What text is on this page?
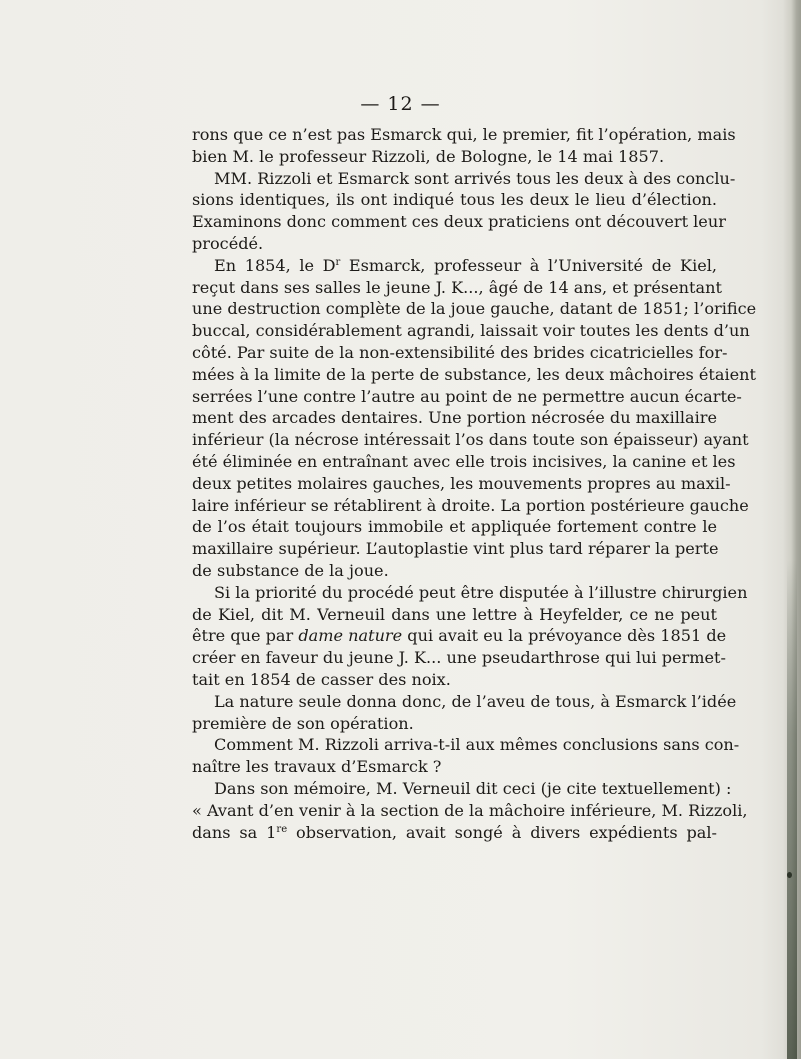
— 12 —
rons que ce n’est pas Esmarck qui, le premier, fit l’opération, mais
bien M. le professeur Rizzoli, de Bologne, le 14 mai 1857.
MM. Rizzoli et Esmarck sont arrivés tous les deux à des conclu-
sions identiques, ils ont indiqué tous les deux le lieu d’élection.
Examinons donc comment ces deux praticiens ont découvert leur
procédé.
En 1854, le $D^r$ Esmarck, professeur à l’Université de Kiel,
reçut dans ses salles le jeune J. K..., âgé de 14 ans, et présentant
une destruction complète de la joue gauche, datant de 1851; l’orifice
buccal, considérablement agrandi, laissait voir toutes les dents d’un
côté. Par suite de la non-extensibilité des brides cicatricielles for-
mées à la limite de la perte de substance, les deux mâchoires étaient
serrées l’une contre l’autre au point de ne permettre aucun écarte-
ment des arcades dentaires. Une portion nécrosée du maxillaire
inférieur (la nécrose intéressait l’os dans toute son épaisseur) ayant
été éliminée en entraînant avec elle trois incisives, la canine et les
deux petites molaires gauches, les mouvements propres au maxil-
laire inférieur se rétablirent à droite. La portion postérieure gauche
de l’os était toujours immobile et appliquée fortement contre le
maxillaire supérieur. L’autoplastie vint plus tard réparer la perte
de substance de la joue.
Si la priorité du procédé peut être disputée à l’illustre chirurgien
de Kiel, dit M. Verneuil dans une lettre à Heyfelder, ce ne peut
être que par dame nature qui avait eu la prévoyance dès 1851 de
créer en faveur du jeune J. K... une pseudarthrose qui lui permet-
tait en 1854 de casser des noix.
La nature seule donna donc, de l’aveu de tous, à Esmarck l’idée
première de son opération.
Comment M. Rizzoli arriva-t-il aux mêmes conclusions sans con-
naître les travaux d’Esmarck ?
Dans son mémoire, M. Verneuil dit ceci (je cite textuellement) :
« Avant d’en venir à la section de la mâchoire inférieure, M. Rizzoli,
dans sa 1re observation, avait songé à divers expédients pal-
